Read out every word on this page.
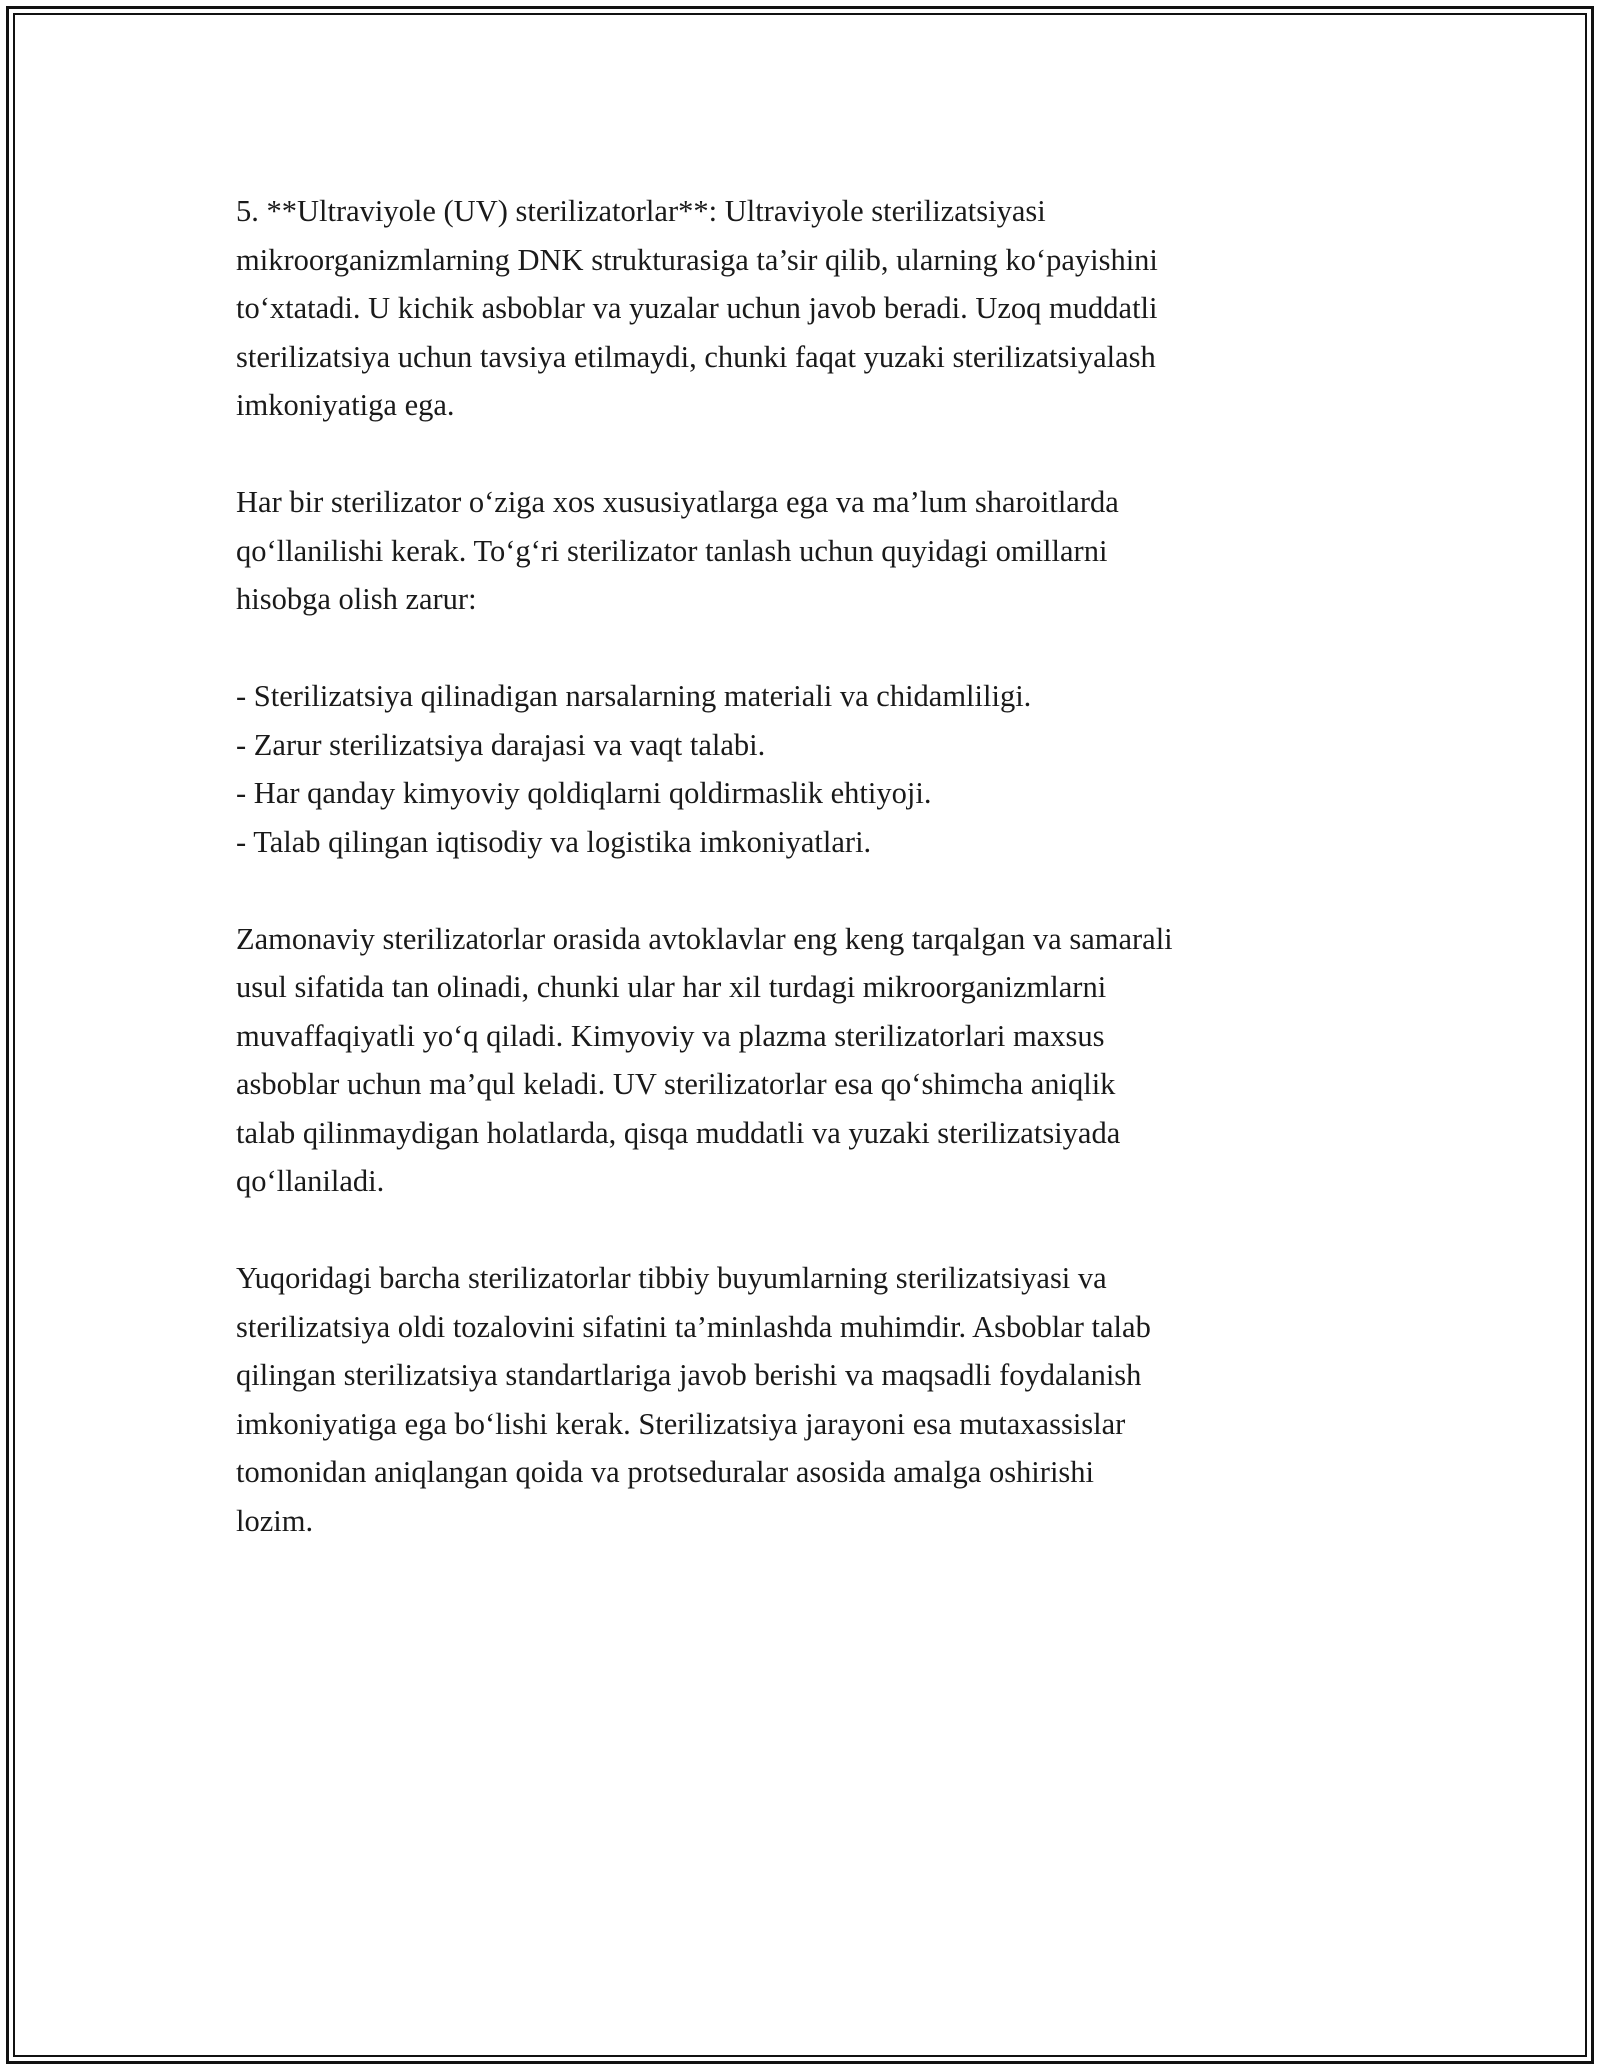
5. **Ultraviyole (UV) sterilizatorlar**: Ultraviyole sterilizatsiyasi
mikroorganizmlarning DNK strukturasiga ta’sir qilib, ularning koʻpayishini
toʻxtatadi. U kichik asboblar va yuzalar uchun javob beradi. Uzoq muddatli
sterilizatsiya uchun tavsiya etilmaydi, chunki faqat yuzaki sterilizatsiyalash
imkoniyatiga ega.

Har bir sterilizator oʻziga xos xususiyatlarga ega va ma’lum sharoitlarda
qoʻllanilishi kerak. Toʻgʻri sterilizator tanlash uchun quyidagi omillarni
hisobga olish zarur:

- Sterilizatsiya qilinadigan narsalarning materiali va chidamliligi.
- Zarur sterilizatsiya darajasi va vaqt talabi.
- Har qanday kimyoviy qoldiqlarni qoldirmaslik ehtiyoji.
- Talab qilingan iqtisodiy va logistika imkoniyatlari.

Zamonaviy sterilizatorlar orasida avtoklavlar eng keng tarqalgan va samarali
usul sifatida tan olinadi, chunki ular har xil turdagi mikroorganizmlarni
muvaffaqiyatli yoʻq qiladi. Kimyoviy va plazma sterilizatorlari maxsus
asboblar uchun ma’qul keladi. UV sterilizatorlar esa qoʻshimcha aniqlik
talab qilinmaydigan holatlarda, qisqa muddatli va yuzaki sterilizatsiyada
qoʻllaniladi.

Yuqoridagi barcha sterilizatorlar tibbiy buyumlarning sterilizatsiyasi va
sterilizatsiya oldi tozalovini sifatini ta’minlashda muhimdir. Asboblar talab
qilingan sterilizatsiya standartlariga javob berishi va maqsadli foydalanish
imkoniyatiga ega boʻlishi kerak. Sterilizatsiya jarayoni esa mutaxassislar
tomonidan aniqlangan qoida va protseduralar asosida amalga oshirishi
lozim.
